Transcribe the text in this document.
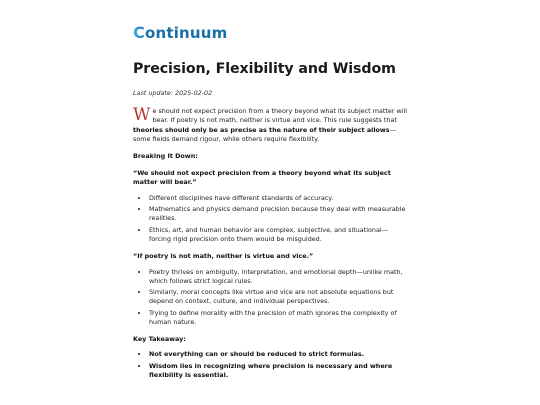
C ontinuum
Precision, Flexibility and Wisdom
Last update: 2025-02-02

We should not expect precision from a theory beyond what its subject matter will bear. If poetry is not math, neither is virtue and vice. This rule suggests that theories should only be as precise as the nature of their subject allows—some fields demand rigour, while others require flexibility.

Breaking It Down:
“We should not expect precision from a theory beyond what its subject matter will bear.”
• Different disciplines have different standards of accuracy.
• Mathematics and physics demand precision because they deal with measurable realities.
• Ethics, art, and human behavior are complex, subjective, and situational—forcing rigid precision onto them would be misguided.
“If poetry is not math, neither is virtue and vice.”
• Poetry thrives on ambiguity, interpretation, and emotional depth—unlike math, which follows strict logical rules.
• Similarly, moral concepts like virtue and vice are not absolute equations but depend on context, culture, and individual perspectives.
• Trying to define morality with the precision of math ignores the complexity of human nature.
Key Takeaway:
• Not everything can or should be reduced to strict formulas.
• Wisdom lies in recognizing where precision is necessary and where flexibility is essential.
